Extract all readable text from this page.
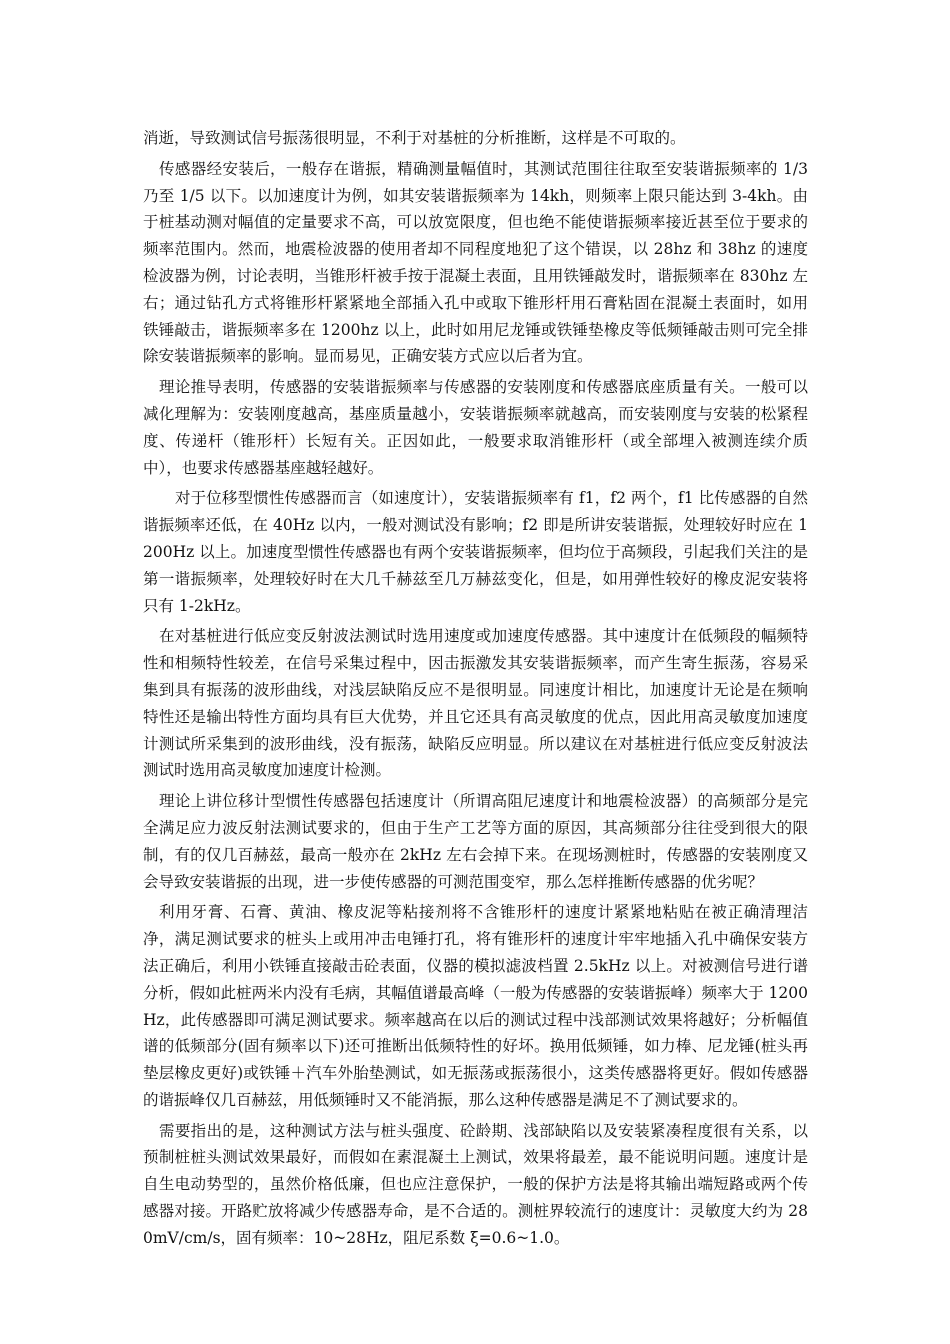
消逝，导致测试信号振荡很明显，不利于对基桩的分析推断，这样是不可取的。

传感器经安装后，一般存在谐振，精确测量幅值时，其测试范围往往取至安装谐振频率的 1/3 乃至 1/5 以下。以加速度计为例，如其安装谐振频率为 14kh，则频率上限只能达到 3-4kh。由于桩基动测对幅值的定量要求不高，可以放宽限度，但也绝不能使谐振频率接近甚至位于要求的频率范围内。然而，地震检波器的使用者却不同程度地犯了这个错误，以 28hz 和 38hz 的速度检波器为例，讨论表明，当锥形杆被手按于混凝土表面，且用铁锤敲发时，谐振频率在 830hz 左右；通过钻孔方式将锥形杆紧紧地全部插入孔中或取下锥形杆用石膏粘固在混凝土表面时，如用铁锤敲击，谐振频率多在 1200hz 以上，此时如用尼龙锤或铁锤垫橡皮等低频锤敲击则可完全排除安装谐振频率的影响。显而易见，正确安装方式应以后者为宜。

理论推导表明，传感器的安装谐振频率与传感器的安装刚度和传感器底座质量有关。一般可以减化理解为：安装刚度越高，基座质量越小，安装谐振频率就越高，而安装刚度与安装的松紧程度、传递杆（锥形杆）长短有关。正因如此，一般要求取消锥形杆（或全部埋入被测连续介质中），也要求传感器基座越轻越好。

对于位移型惯性传感器而言（如速度计），安装谐振频率有 f1，f2 两个，f1 比传感器的自然谐振频率还低，在 40Hz 以内，一般对测试没有影响；f2 即是所讲安装谐振，处理较好时应在 1200Hz 以上。加速度型惯性传感器也有两个安装谐振频率，但均位于高频段，引起我们关注的是第一谐振频率，处理较好时在大几千赫兹至几万赫兹变化，但是，如用弹性较好的橡皮泥安装将只有 1-2kHz。

在对基桩进行低应变反射波法测试时选用速度或加速度传感器。其中速度计在低频段的幅频特性和相频特性较差，在信号采集过程中，因击振激发其安装谐振频率，而产生寄生振荡，容易采集到具有振荡的波形曲线，对浅层缺陷反应不是很明显。同速度计相比，加速度计无论是在频响特性还是输出特性方面均具有巨大优势，并且它还具有高灵敏度的优点，因此用高灵敏度加速度计测试所采集到的波形曲线，没有振荡，缺陷反应明显。所以建议在对基桩进行低应变反射波法测试时选用高灵敏度加速度计检测。

理论上讲位移计型惯性传感器包括速度计（所谓高阻尼速度计和地震检波器）的高频部分是完全满足应力波反射法测试要求的，但由于生产工艺等方面的原因，其高频部分往往受到很大的限制，有的仅几百赫兹，最高一般亦在 2kHz 左右会掉下来。在现场测桩时，传感器的安装刚度又会导致安装谐振的出现，进一步使传感器的可测范围变窄，那么怎样推断传感器的优劣呢？

利用牙膏、石膏、黄油、橡皮泥等粘接剂将不含锥形杆的速度计紧紧地粘贴在被正确清理洁净，满足测试要求的桩头上或用冲击电锤打孔，将有锥形杆的速度计牢牢地插入孔中确保安装方法正确后，利用小铁锤直接敲击砼表面，仪器的模拟滤波档置 2.5kHz 以上。对被测信号进行谱分析，假如此桩两米内没有毛病，其幅值谱最高峰（一般为传感器的安装谐振峰）频率大于 1200Hz，此传感器即可满足测试要求。频率越高在以后的测试过程中浅部测试效果将越好；分析幅值谱的低频部分(固有频率以下)还可推断出低频特性的好坏。换用低频锤，如力棒、尼龙锤(桩头再垫层橡皮更好)或铁锤＋汽车外胎垫测试，如无振荡或振荡很小，这类传感器将更好。假如传感器的谐振峰仅几百赫兹，用低频锤时又不能消振，那么这种传感器是满足不了测试要求的。

需要指出的是，这种测试方法与桩头强度、砼龄期、浅部缺陷以及安装紧凑程度很有关系，以预制桩桩头测试效果最好，而假如在素混凝土上测试，效果将最差，最不能说明问题。速度计是自生电动势型的，虽然价格低廉，但也应注意保护，一般的保护方法是将其输出端短路或两个传感器对接。开路贮放将减少传感器寿命，是不合适的。测桩界较流行的速度计：灵敏度大约为 280mV/cm/s，固有频率：10~28Hz，阻尼系数 ξ=0.6~1.0。
